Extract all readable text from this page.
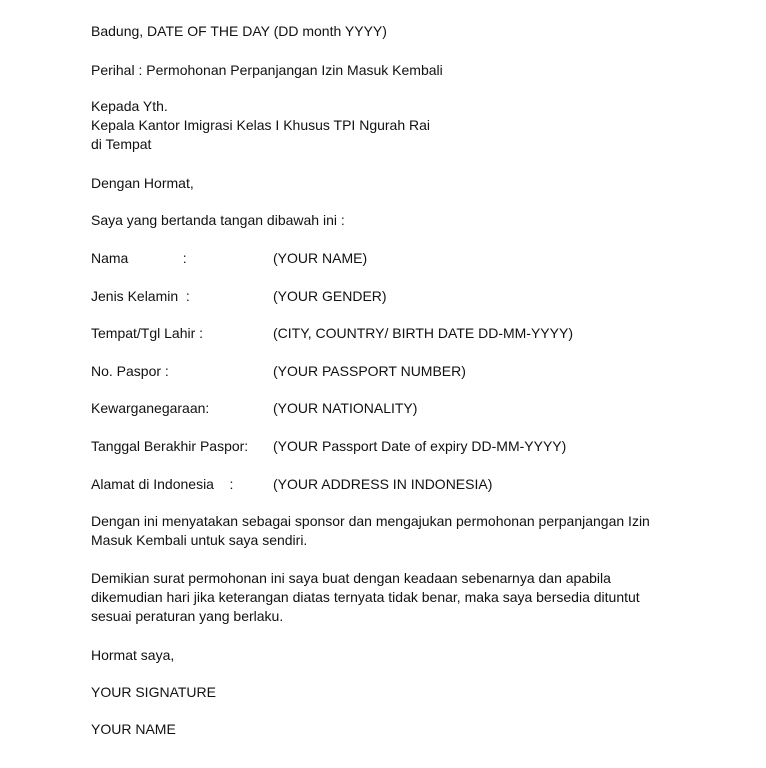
Badung, DATE OF THE DAY (DD month YYYY)
Perihal : Permohonan Perpanjangan Izin Masuk Kembali
Kepada Yth.
Kepala Kantor Imigrasi Kelas I Khusus TPI Ngurah Rai
di Tempat
Dengan Hormat,
Saya yang bertanda tangan dibawah ini :
Nama              :	(YOUR NAME)
Jenis Kelamin  :	(YOUR GENDER)
Tempat/Tgl Lahir :	(CITY, COUNTRY/ BIRTH DATE DD-MM-YYYY)
No. Paspor :	(YOUR PASSPORT NUMBER)
Kewarganegaraan:	(YOUR NATIONALITY)
Tanggal Berakhir Paspor: (YOUR Passport Date of expiry DD-MM-YYYY)
Alamat di Indonesia    :	(YOUR ADDRESS IN INDONESIA)
Dengan ini menyatakan sebagai sponsor dan mengajukan permohonan perpanjangan Izin
Masuk Kembali untuk saya sendiri.
Demikian surat permohonan ini saya buat dengan keadaan sebenarnya dan apabila
dikemudian hari jika keterangan diatas ternyata tidak benar, maka saya bersedia dituntut
sesuai peraturan yang berlaku.
Hormat saya,
YOUR SIGNATURE
YOUR NAME
